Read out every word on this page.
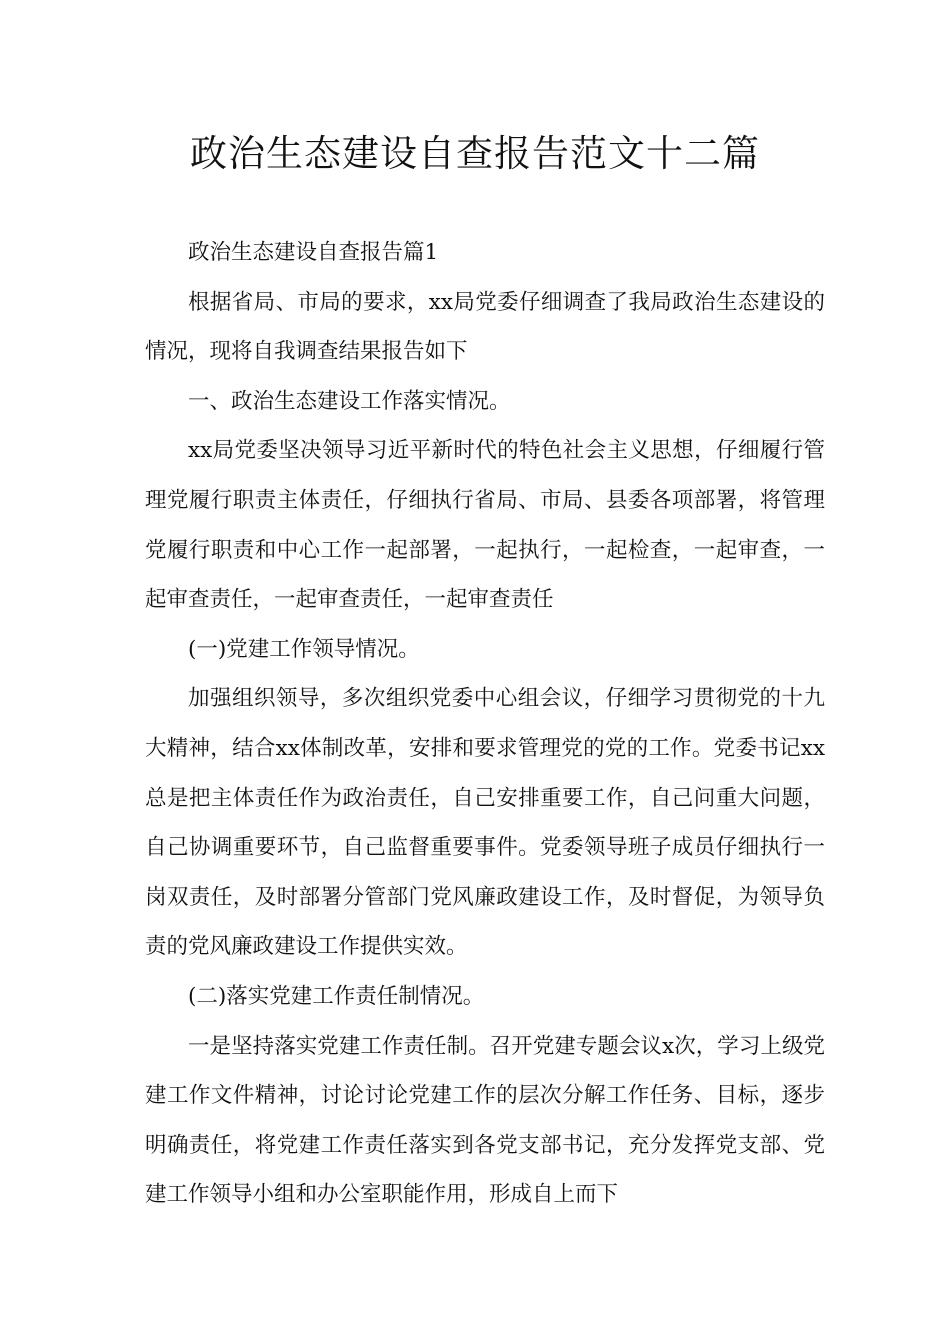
政治生态建设自查报告范文十二篇

政治生态建设自查报告篇1

根据省局、市局的要求，xx局党委仔细调查了我局政治生态建设的情况，现将自我调查结果报告如下

一、政治生态建设工作落实情况。

xx局党委坚决领导习近平新时代的特色社会主义思想，仔细履行管理党履行职责主体责任，仔细执行省局、市局、县委各项部署，将管理党履行职责和中心工作一起部署，一起执行，一起检查，一起审查，一起审查责任，一起审查责任，一起审查责任

(一)党建工作领导情况。

加强组织领导，多次组织党委中心组会议，仔细学习贯彻党的十九大精神，结合xx体制改革，安排和要求管理党的党的工作。党委书记xx总是把主体责任作为政治责任，自己安排重要工作，自己问重大问题，自己协调重要环节，自己监督重要事件。党委领导班子成员仔细执行一岗双责任，及时部署分管部门党风廉政建设工作，及时督促，为领导负责的党风廉政建设工作提供实效。

(二)落实党建工作责任制情况。

一是坚持落实党建工作责任制。召开党建专题会议x次，学习上级党建工作文件精神，讨论讨论党建工作的层次分解工作任务、目标，逐步明确责任，将党建工作责任落实到各党支部书记，充分发挥党支部、党建工作领导小组和办公室职能作用，形成自上而下
